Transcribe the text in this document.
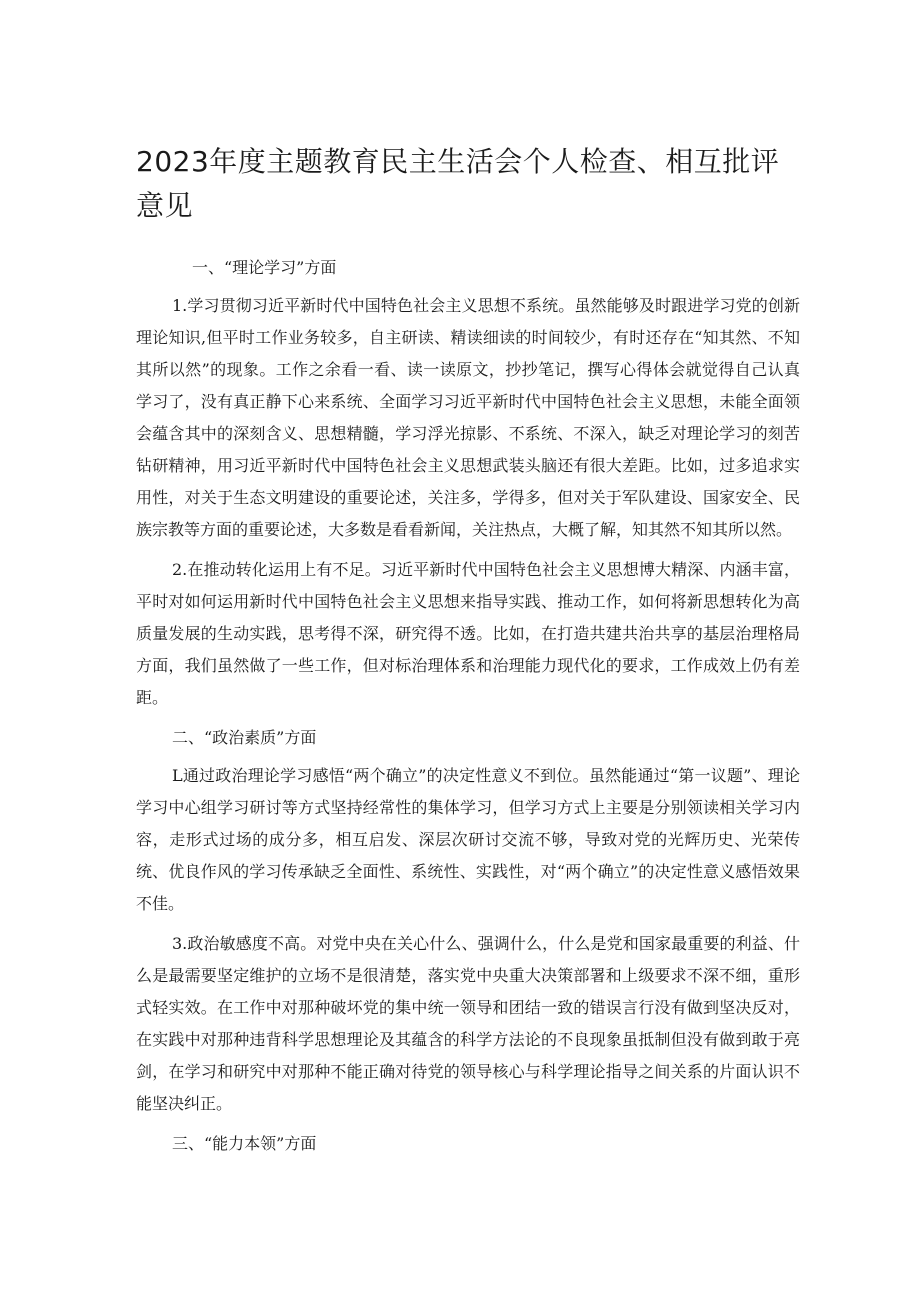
2023年度主题教育民主生活会个人检查、相互批评意见
一、“理论学习”方面

1.学习贯彻习近平新时代中国特色社会主义思想不系统。虽然能够及时跟进学习党的创新理论知识,但平时工作业务较多，自主研读、精读细读的时间较少，有时还存在“知其然、不知其所以然”的现象。工作之余看一看、读一读原文，抄抄笔记，撰写心得体会就觉得自己认真学习了，没有真正静下心来系统、全面学习习近平新时代中国特色社会主义思想，未能全面领会蕴含其中的深刻含义、思想精髓，学习浮光掠影、不系统、不深入，缺乏对理论学习的刻苦钻研精神，用习近平新时代中国特色社会主义思想武装头脑还有很大差距。比如，过多追求实用性，对关于生态文明建设的重要论述，关注多，学得多，但对关于军队建设、国家安全、民族宗教等方面的重要论述，大多数是看看新闻，关注热点，大概了解，知其然不知其所以然。

2.在推动转化运用上有不足。习近平新时代中国特色社会主义思想博大精深、内涵丰富，平时对如何运用新时代中国特色社会主义思想来指导实践、推动工作，如何将新思想转化为高质量发展的生动实践，思考得不深，研究得不透。比如，在打造共建共治共享的基层治理格局方面，我们虽然做了一些工作，但对标治理体系和治理能力现代化的要求，工作成效上仍有差距。

二、“政治素质”方面

L通过政治理论学习感悟“两个确立”的决定性意义不到位。虽然能通过“第一议题”、理论学习中心组学习研讨等方式坚持经常性的集体学习，但学习方式上主要是分别领读相关学习内容，走形式过场的成分多，相互启发、深层次研讨交流不够，导致对党的光辉历史、光荣传统、优良作风的学习传承缺乏全面性、系统性、实践性，对“两个确立”的决定性意义感悟效果不佳。

3.政治敏感度不高。对党中央在关心什么、强调什么，什么是党和国家最重要的利益、什么是最需要坚定维护的立场不是很清楚，落实党中央重大决策部署和上级要求不深不细，重形式轻实效。在工作中对那种破坏党的集中统一领导和团结一致的错误言行没有做到坚决反对，在实践中对那种违背科学思想理论及其蕴含的科学方法论的不良现象虽抵制但没有做到敢于亮剑，在学习和研究中对那种不能正确对待党的领导核心与科学理论指导之间关系的片面认识不能坚决纠正。

三、“能力本领”方面
